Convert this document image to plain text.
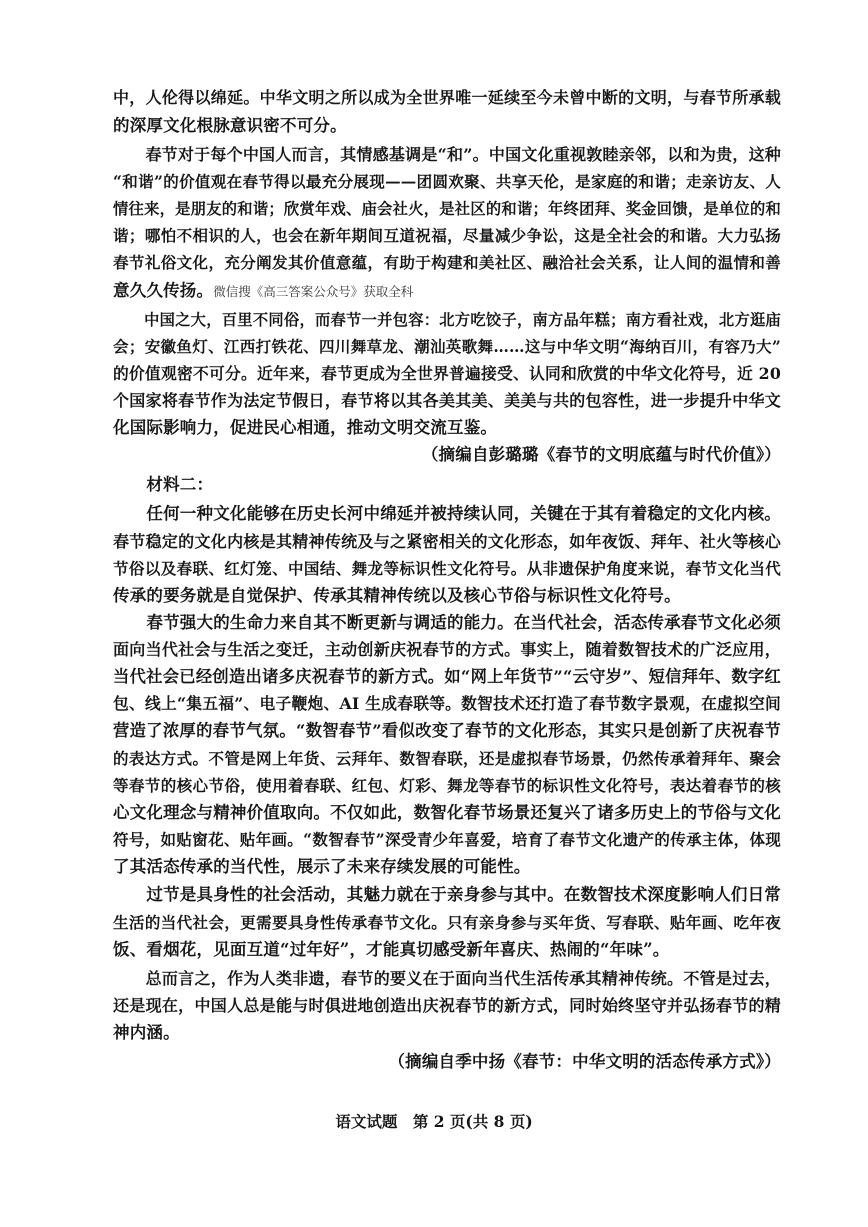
中，人伦得以绵延。中华文明之所以成为全世界唯一延续至今未曾中断的文明，与春节所承载
的深厚文化根脉意识密不可分。
　　春节对于每个中国人而言，其情感基调是“和”。中国文化重视敦睦亲邻，以和为贵，这种
“和谐”的价值观在春节得以最充分展现——团圆欢聚、共享天伦，是家庭的和谐；走亲访友、人
情往来，是朋友的和谐；欣赏年戏、庙会社火，是社区的和谐；年终团拜、奖金回馈，是单位的和
谐；哪怕不相识的人，也会在新年期间互道祝福，尽量减少争讼，这是全社会的和谐。大力弘扬
春节礼俗文化，充分阐发其价值意蕴，有助于构建和美社区、融洽社会关系，让人间的温情和善
意久久传扬。微信搜《高三答案公众号》获取全科
　　中国之大，百里不同俗，而春节一并包容：北方吃饺子，南方品年糕；南方看社戏，北方逛庙
会；安徽鱼灯、江西打铁花、四川舞草龙、潮汕英歌舞……这与中华文明“海纳百川，有容乃大”
的价值观密不可分。近年来，春节更成为全世界普遍接受、认同和欣赏的中华文化符号，近 20
个国家将春节作为法定节假日，春节将以其各美其美、美美与共的包容性，进一步提升中华文
化国际影响力，促进民心相通，推动文明交流互鉴。
（摘编自彭璐璐《春节的文明底蕴与时代价值》）
　　材料二：
　　任何一种文化能够在历史长河中绵延并被持续认同，关键在于其有着稳定的文化内核。
春节稳定的文化内核是其精神传统及与之紧密相关的文化形态，如年夜饭、拜年、社火等核心
节俗以及春联、红灯笼、中国结、舞龙等标识性文化符号。从非遗保护角度来说，春节文化当代
传承的要务就是自觉保护、传承其精神传统以及核心节俗与标识性文化符号。
　　春节强大的生命力来自其不断更新与调适的能力。在当代社会，活态传承春节文化必须
面向当代社会与生活之变迁，主动创新庆祝春节的方式。事实上，随着数智技术的广泛应用，
当代社会已经创造出诸多庆祝春节的新方式。如“网上年货节”“云守岁”、短信拜年、数字红
包、线上“集五福”、电子鞭炮、AI 生成春联等。数智技术还打造了春节数字景观，在虚拟空间
营造了浓厚的春节气氛。“数智春节”看似改变了春节的文化形态，其实只是创新了庆祝春节
的表达方式。不管是网上年货、云拜年、数智春联，还是虚拟春节场景，仍然传承着拜年、聚会
等春节的核心节俗，使用着春联、红包、灯彩、舞龙等春节的标识性文化符号，表达着春节的核
心文化理念与精神价值取向。不仅如此，数智化春节场景还复兴了诸多历史上的节俗与文化
符号，如贴窗花、贴年画。“数智春节”深受青少年喜爱，培育了春节文化遗产的传承主体，体现
了其活态传承的当代性，展示了未来存续发展的可能性。
　　过节是具身性的社会活动，其魅力就在于亲身参与其中。在数智技术深度影响人们日常
生活的当代社会，更需要具身性传承春节文化。只有亲身参与买年货、写春联、贴年画、吃年夜
饭、看烟花，见面互道“过年好”，才能真切感受新年喜庆、热闹的“年味”。
　　总而言之，作为人类非遗，春节的要义在于面向当代生活传承其精神传统。不管是过去，
还是现在，中国人总是能与时俱进地创造出庆祝春节的新方式，同时始终坚守并弘扬春节的精
神内涵。
（摘编自季中扬《春节：中华文明的活态传承方式》）
语文试题　第 2 页(共 8 页)
